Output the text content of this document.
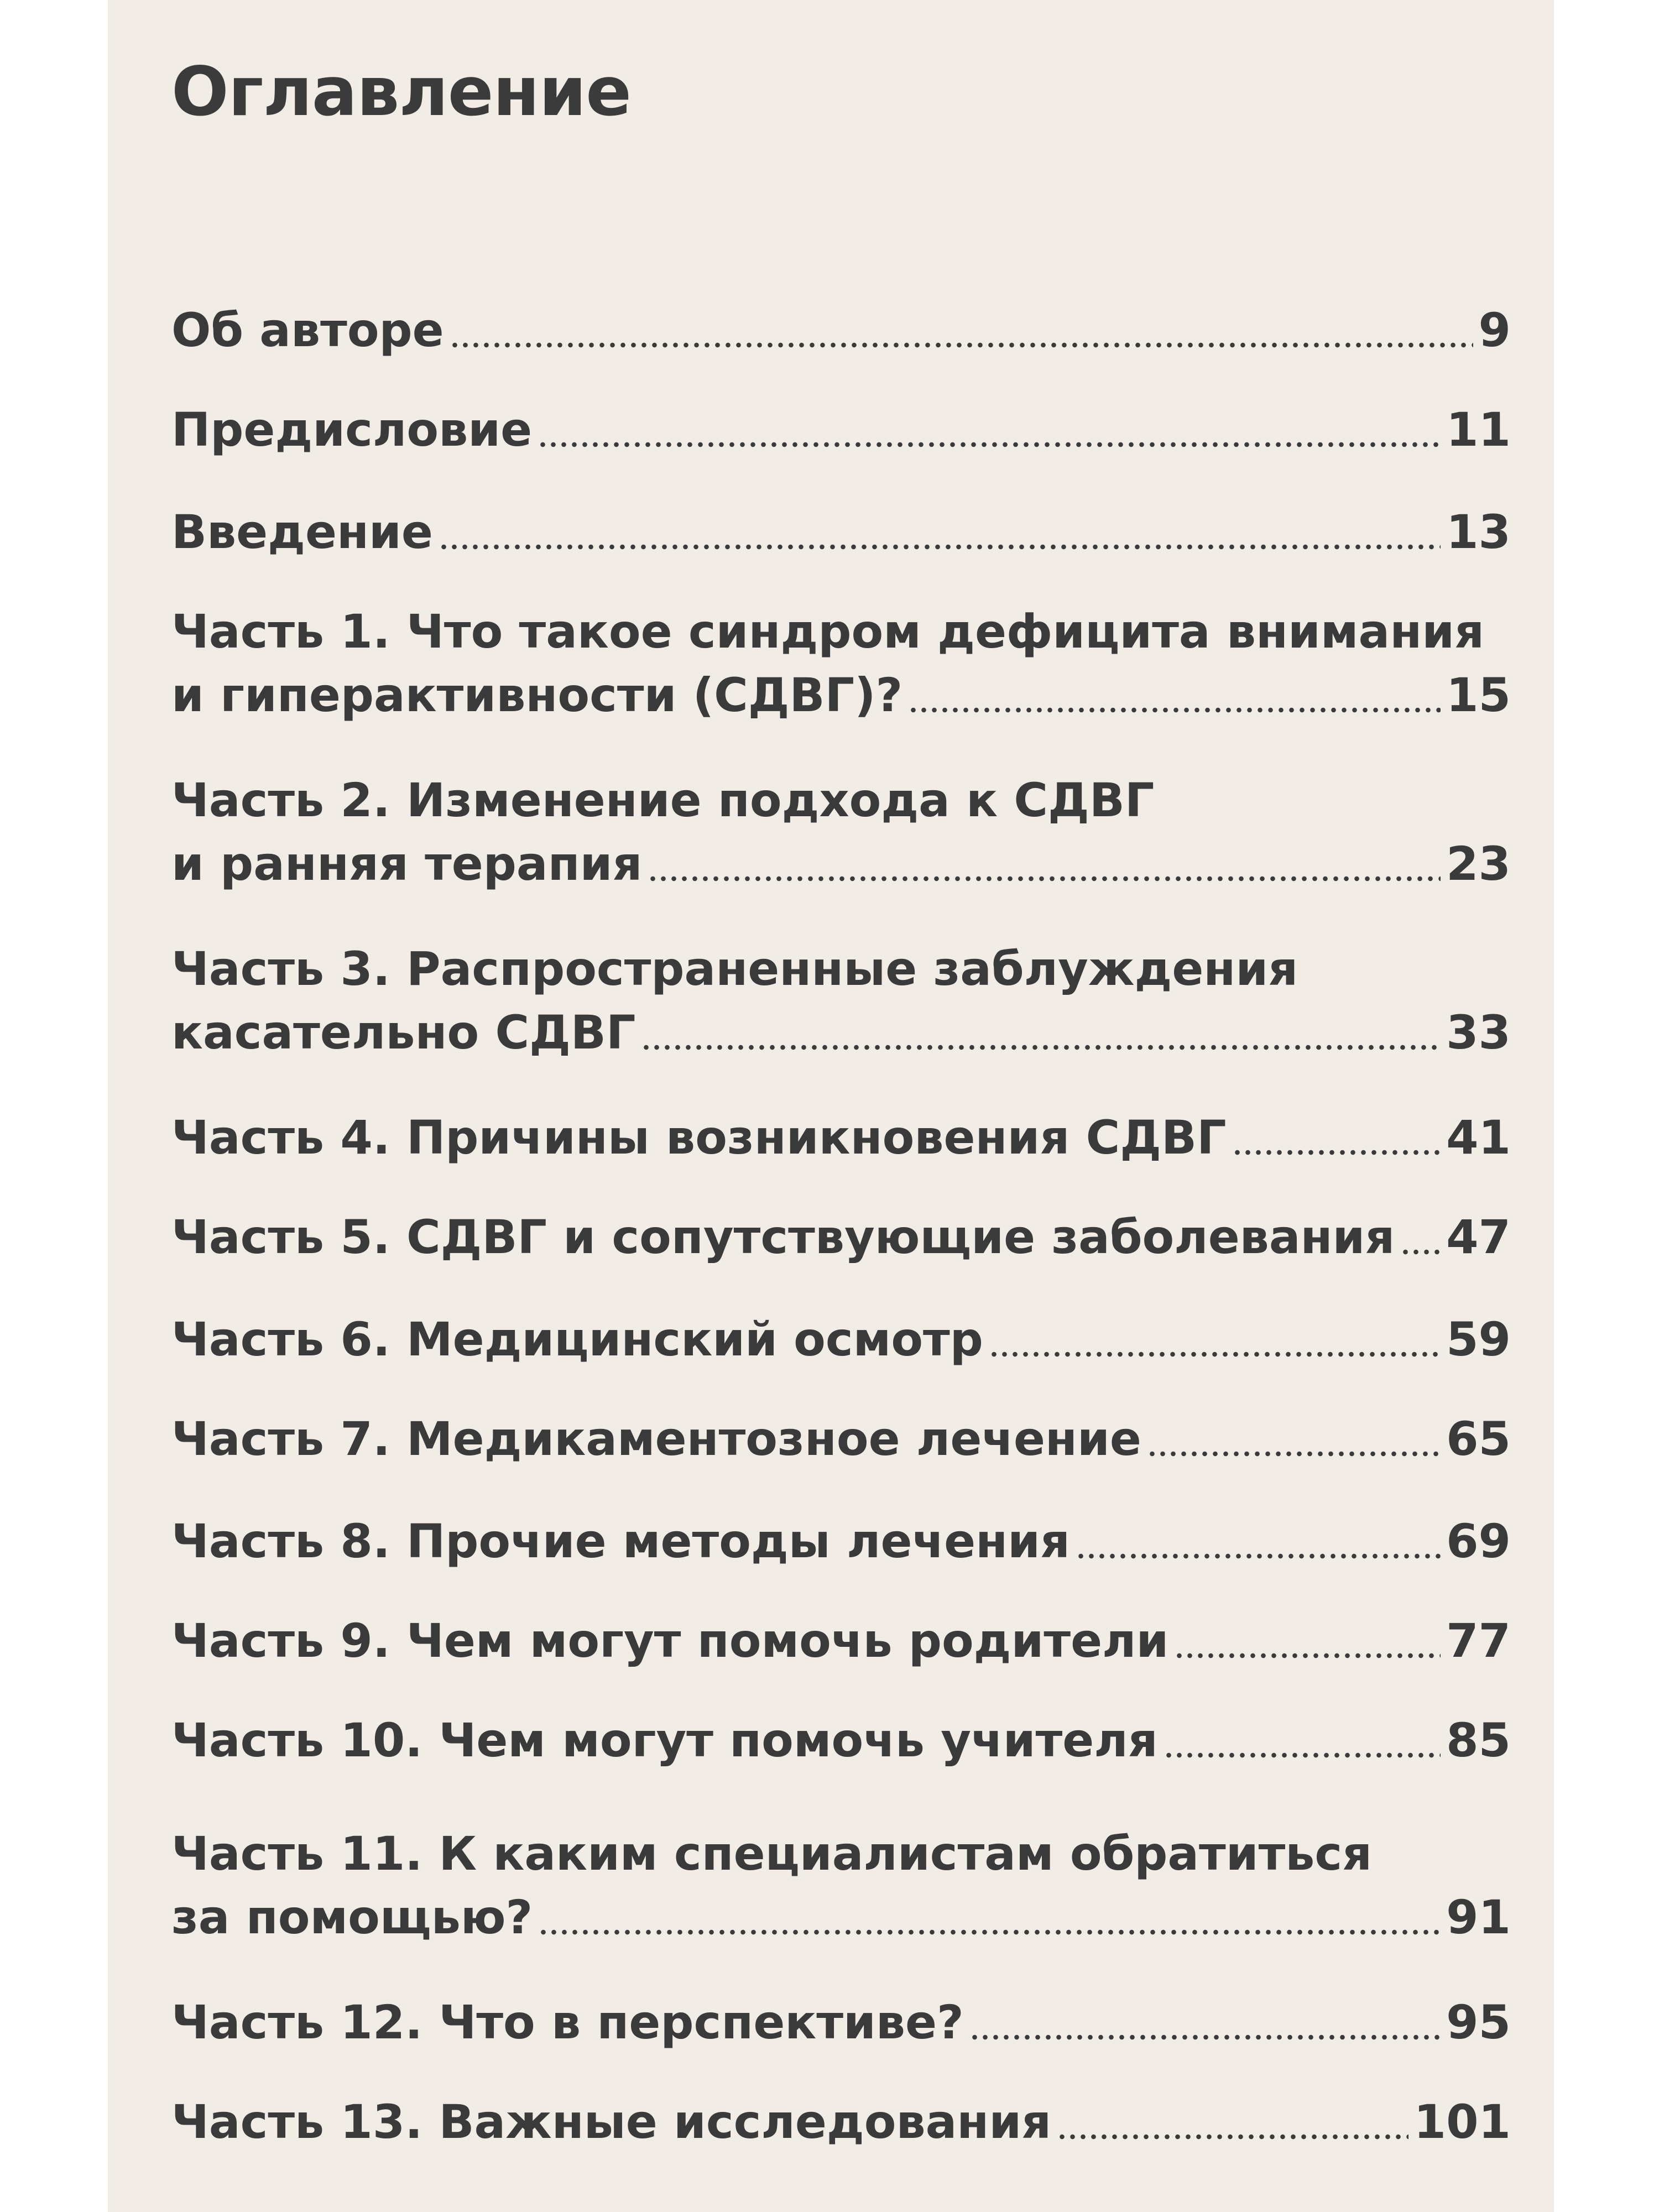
Оглавление
Об авторе	9
Предисловие	11
Введение	13
Часть 1. Что такое синдром дефицита внимания
и гиперактивности (СДВГ)?	15
Часть 2. Изменение подхода к СДВГ
и ранняя терапия	23
Часть 3. Распространенные заблуждения
касательно СДВГ	33
Часть 4. Причины возникновения СДВГ	41
Часть 5. СДВГ и сопутствующие заболевания 47
Часть 6. Медицинский осмотр	59
Часть 7. Медикаментозное лечение	65
Часть 8. Прочие методы лечения	69
Часть 9. Чем могут помочь родители	77
Часть 10. Чем могут помочь учителя	85
Часть 11. К каким специалистам обратиться
за помощью?	91
Часть 12. Что в перспективе?	95
Часть 13. Важные исследования	101
